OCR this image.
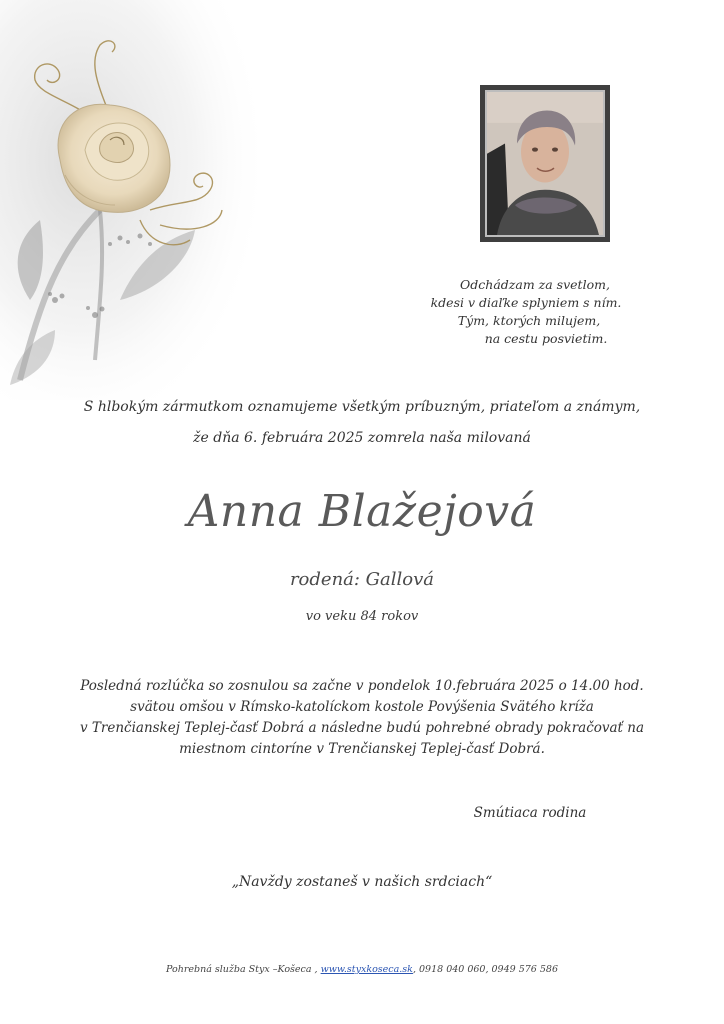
Odchádzam za svetlom,
kdesi v diaľke splyniem s ním.
Tým, ktorých milujem,
na cestu posvietim.
S hlbokým zármutkom oznamujeme všetkým príbuzným, priateľom a známym,
že dňa 6. februára 2025 zomrela naša milovaná
Anna Blažejová
rodená: Gallová
vo veku 84 rokov
Posledná rozlúčka so zosnulou sa začne v pondelok 10.februára 2025 o 14.00 hod.
svätou omšou v Rímsko-katolíckom kostole Povýšenia Svätého kríža
v Trenčianskej Teplej-časť Dobrá a následne budú pohrebné obrady pokračovať na
miestnom cintoríne v Trenčianskej Teplej-časť Dobrá.
Smútiaca rodina
„Navždy zostaneš v našich srdciach“
Pohrebná služba Styx –Košeca , www.styxkoseca.sk, 0918 040 060, 0949 576 586
